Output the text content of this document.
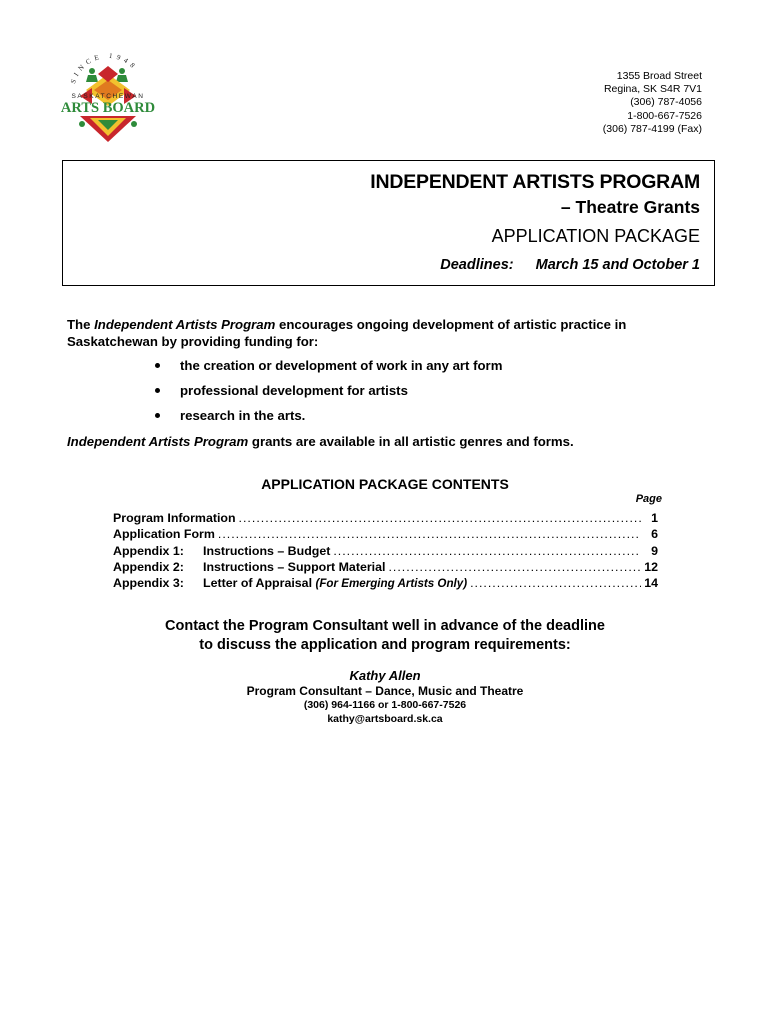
SINCE 1948
SASKATCHEWAN
ARTS BOARD
1355 Broad Street
Regina, SK S4R 7V1
(306) 787-4056
1-800-667-7526
(306) 787-4199 (Fax)
INDEPENDENT ARTISTS PROGRAM
– Theatre Grants
APPLICATION PACKAGE
Deadlines: March 15 and October 1
The Independent Artists Program encourages ongoing development of artistic practice in Saskatchewan by providing funding for:
the creation or development of work in any art form
professional development for artists
research in the arts.
Independent Artists Program grants are available in all artistic genres and forms.
APPLICATION PACKAGE CONTENTS
Page
Program Information .....	1
Application Form .....	6
Appendix 1: Instructions – Budget .....	9
Appendix 2: Instructions – Support Material .....	12
Appendix 3: Letter of Appraisal (For Emerging Artists Only) .....	14
Contact the Program Consultant well in advance of the deadline
to discuss the application and program requirements:
Kathy Allen
Program Consultant – Dance, Music and Theatre
(306) 964-1166 or 1-800-667-7526
kathy@artsboard.sk.ca
